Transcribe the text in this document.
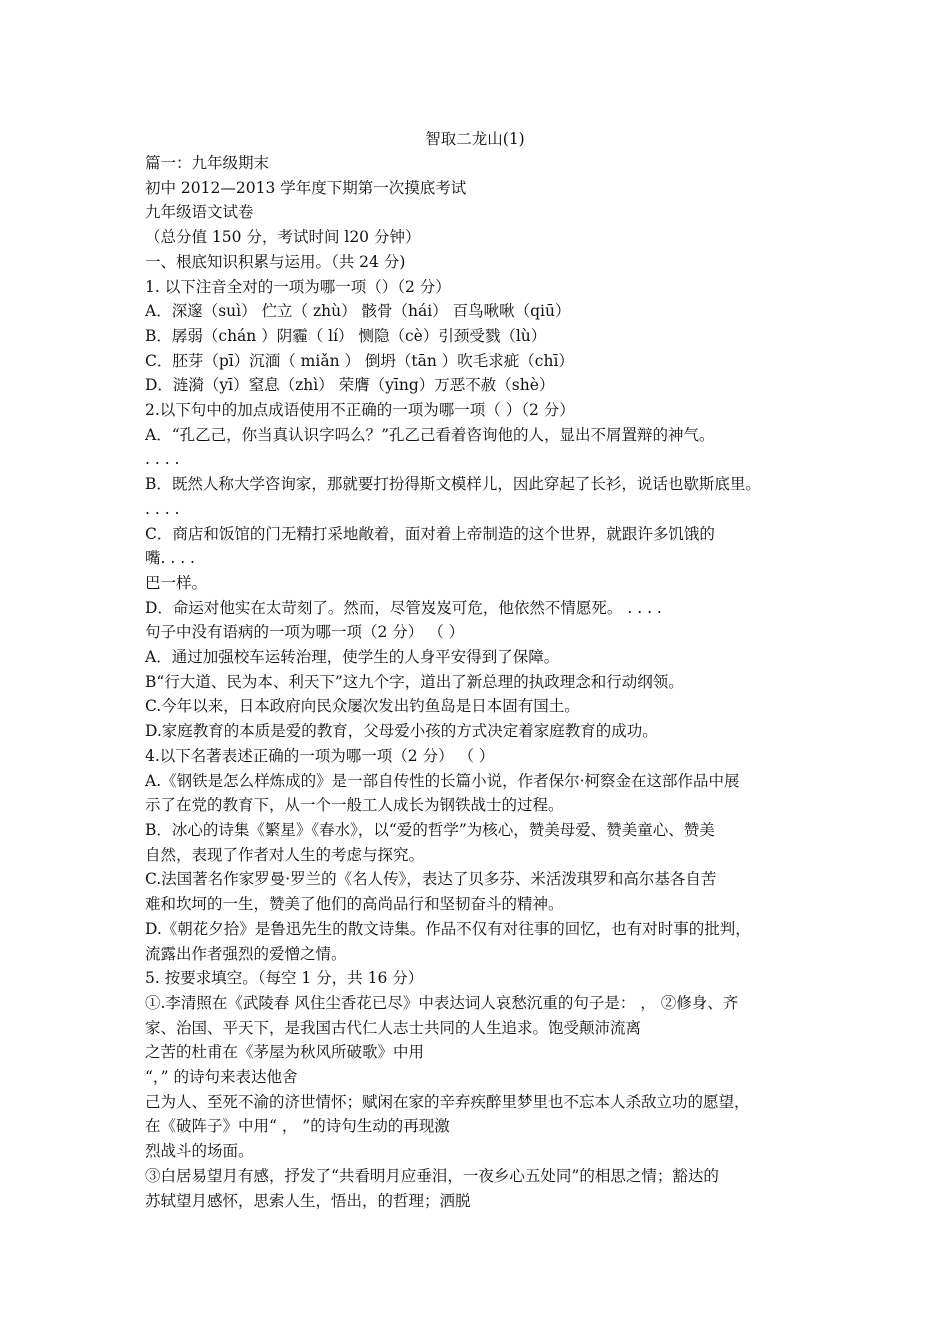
智取二龙山(1)
篇一：九年级期末
初中 2012—2013 学年度下期第一次摸底考试
九年级语文试卷
（总分值 150 分，考试时间 l20 分钟）
一、根底知识积累与运用。（共 24 分)
1. 以下注音全对的一项为哪一项（）（2 分）
A．深邃（suì） 伫立（ zhù） 骸骨（hái） 百鸟啾啾（qiū）
B．孱弱（chán ）阴霾（ lí） 恻隐（cè）引颈受戮（lù）
C．胚芽（pī）沉湎（ miǎn ） 倒坍（tān ）吹毛求疵（chī）
D．涟漪（yī）窒息（zhì） 荣膺（yīng）万恶不赦（shè）
2.以下句中的加点成语使用不正确的一项为哪一项（ ）（2 分）
A．“孔乙己，你当真认识字吗么？”孔乙己看着咨询他的人，显出不屑置辩的神气。
. . . .
B．既然人称大学咨询家，那就要打扮得斯文模样儿，因此穿起了长衫，说话也歇斯底里。
. . . .
C．商店和饭馆的门无精打采地敞着，面对着上帝制造的这个世界，就跟许多饥饿的
嘴. . . .
巴一样。
D．命运对他实在太苛刻了。然而，尽管岌岌可危，他依然不情愿死。 . . . .
句子中没有语病的一项为哪一项（2 分） （ ）
A．通过加强校车运转治理，使学生的人身平安得到了保障。
B“行大道、民为本、利天下”这九个字，道出了新总理的执政理念和行动纲领。
C.今年以来，日本政府向民众屡次发出钓鱼岛是日本固有国土。
D.家庭教育的本质是爱的教育，父母爱小孩的方式决定着家庭教育的成功。
4.以下名著表述正确的一项为哪一项（2 分） （ ）
A.《钢铁是怎么样炼成的》是一部自传性的长篇小说，作者保尔·柯察金在这部作品中展
示了在党的教育下，从一个一般工人成长为钢铁战士的过程。
B．冰心的诗集《繁星》《春水》，以“爱的哲学”为核心，赞美母爱、赞美童心、赞美
自然，表现了作者对人生的考虑与探究。
C.法国著名作家罗曼·罗兰的《名人传》，表达了贝多芬、米活泼琪罗和高尔基各自苦
难和坎坷的一生，赞美了他们的高尚品行和坚韧奋斗的精神。
D.《朝花夕拾》是鲁迅先生的散文诗集。作品不仅有对往事的回忆，也有对时事的批判，
流露出作者强烈的爱憎之情。
5. 按要求填空。（每空 1 分，共 16 分）
①.李清照在《武陵春 风住尘香花已尽》中表达词人哀愁沉重的句子是： ， ②修身、齐
家、治国、平天下，是我国古代仁人志士共同的人生追求。饱受颠沛流离
之苦的杜甫在《茅屋为秋风所破歌》中用
“，” 的诗句来表达他舍
己为人、至死不渝的济世情怀；赋闲在家的辛弃疾醉里梦里也不忘本人杀敌立功的愿望，
在《破阵子》中用“ ， ”的诗句生动的再现激
烈战斗的场面。
③白居易望月有感，抒发了“共看明月应垂泪，一夜乡心五处同”的相思之情；豁达的
苏轼望月感怀，思索人生，悟出，的哲理；洒脱
